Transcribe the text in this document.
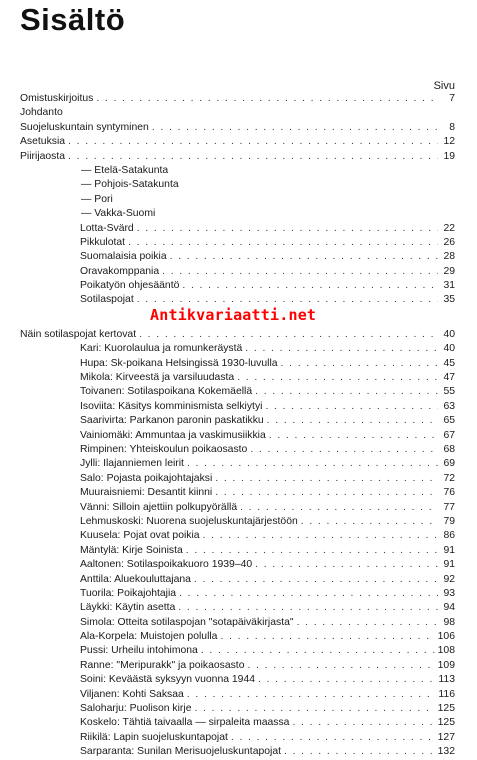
Sisältö
Sivu
Omistuskirjoitus . . .	7
Johdanto
Suojeluskuntain syntyminen . . .	8
Asetuksia . . .	12
Piirijaosta . . .	19
— Etelä-Satakunta
— Pohjois-Satakunta
— Pori
— Vakka-Suomi
Lotta-Svärd . . .	22
Pikkulotat . . .	26
Suomalaisia poikia . . .	28
Oravakomppania . . .	29
Poikatyön ohjesääntö . . .	31
Sotilaspojat . . .	35
Näin sotilaspojat kertovat . . .	40
Kari: Kuorolaulua ja romunkeräystä . . .	40
Hupa: Sk-poikana Helsingissä 1930-luvulla . . .	45
Mikola: Kirveestä ja varsiluudasta . . .	47
Toivanen: Sotilaspoikana Kokemäellä . . .	55
Isoviita: Käsitys komminismista selkiytyi . . .	63
Saarivirta: Parkanon paronin paskatikku . . .	65
Vainiomäki: Ammuntaa ja vaskimusiikkia . . .	67
Rimpinen: Yhteiskoulun poikaosasto . . .	68
Jylli: Ilajanniemen leirit . . .	69
Salo: Pojasta poikajohtajaksi . . .	72
Muuraisniemi: Desantit kiinni . . .	76
Vänni: Silloin ajettiin polkupyörällä . . .	77
Lehmuskoski: Nuorena suojeluskuntajärjestöön . . .	79
Kuusela: Pojat ovat poikia . . .	86
Mäntylä: Kirje Soinista . . .	91
Aaltonen: Sotilaspoikakuoro 1939–40 . . .	91
Anttila: Aluekouluttajana . . .	92
Tuorila: Poikajohtajia . . .	93
Läykki: Käytin asetta . . .	94
Simola: Otteita sotilaspojan "sotapäiväkirjasta" . . .	98
Ala-Korpela: Muistojen polulla . . .	106
Pussi: Urheilu intohimona . . .	108
Ranne: "Meripurakk" ja poikaosasto . . .	109
Soini: Keväästä syksyyn vuonna 1944 . . .	113
Viljanen: Kohti Saksaa . . .	116
Saloharju: Puolison kirje . . .	125
Koskelo: Tähtiä taivaalla — sirpaleita maassa . . .	125
Riikilä: Lapin suojeluskuntapojat . . .	127
Sarparanta: Sunilan Merisuojeluskuntapojat . . .	132
Antikvariaatti.net
